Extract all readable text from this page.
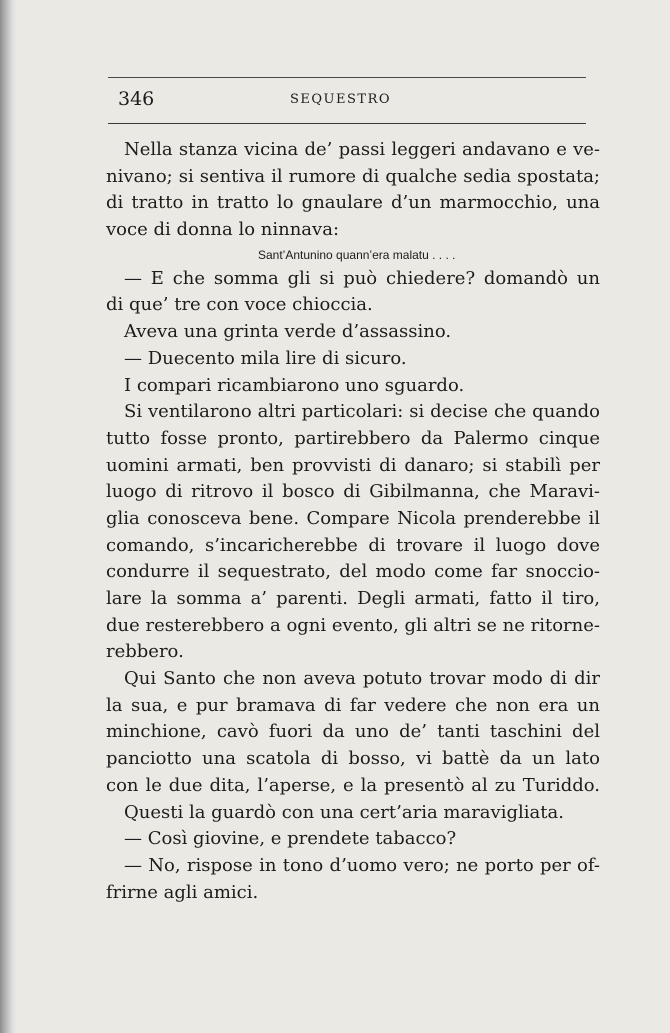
346	SEQUESTRO
Nella stanza vicina de’ passi leggeri andavano e ve-
nivano; si sentiva il rumore di qualche sedia spostata;
di tratto in tratto lo gnaulare d’un marmocchio, una
voce di donna lo ninnava:
Sant’Antunino quann’era malatu . . . .
— E che somma gli si può chiedere? domandò un
di que’ tre con voce chioccia.
Aveva una grinta verde d’assassino.
— Duecento mila lire di sicuro.
I compari ricambiarono uno sguardo.
Si ventilarono altri particolari: si decise che quando
tutto fosse pronto, partirebbero da Palermo cinque
uomini armati, ben provvisti di danaro; si stabilì per
luogo di ritrovo il bosco di Gibilmanna, che Maravi-
glia conosceva bene. Compare Nicola prenderebbe il
comando, s’incaricherebbe di trovare il luogo dove
condurre il sequestrato, del modo come far snoccio-
lare la somma a’ parenti. Degli armati, fatto il tiro,
due resterebbero a ogni evento, gli altri se ne ritorne-
rebbero.
Qui Santo che non aveva potuto trovar modo di dir
la sua, e pur bramava di far vedere che non era un
minchione, cavò fuori da uno de’ tanti taschini del
panciotto una scatola di bosso, vi battè da un lato
con le due dita, l’aperse, e la presentò al zu Turiddo.
Questi la guardò con una cert’aria maravigliata.
— Così giovine, e prendete tabacco?
— No, rispose in tono d’uomo vero; ne porto per of-
frirne agli amici.
